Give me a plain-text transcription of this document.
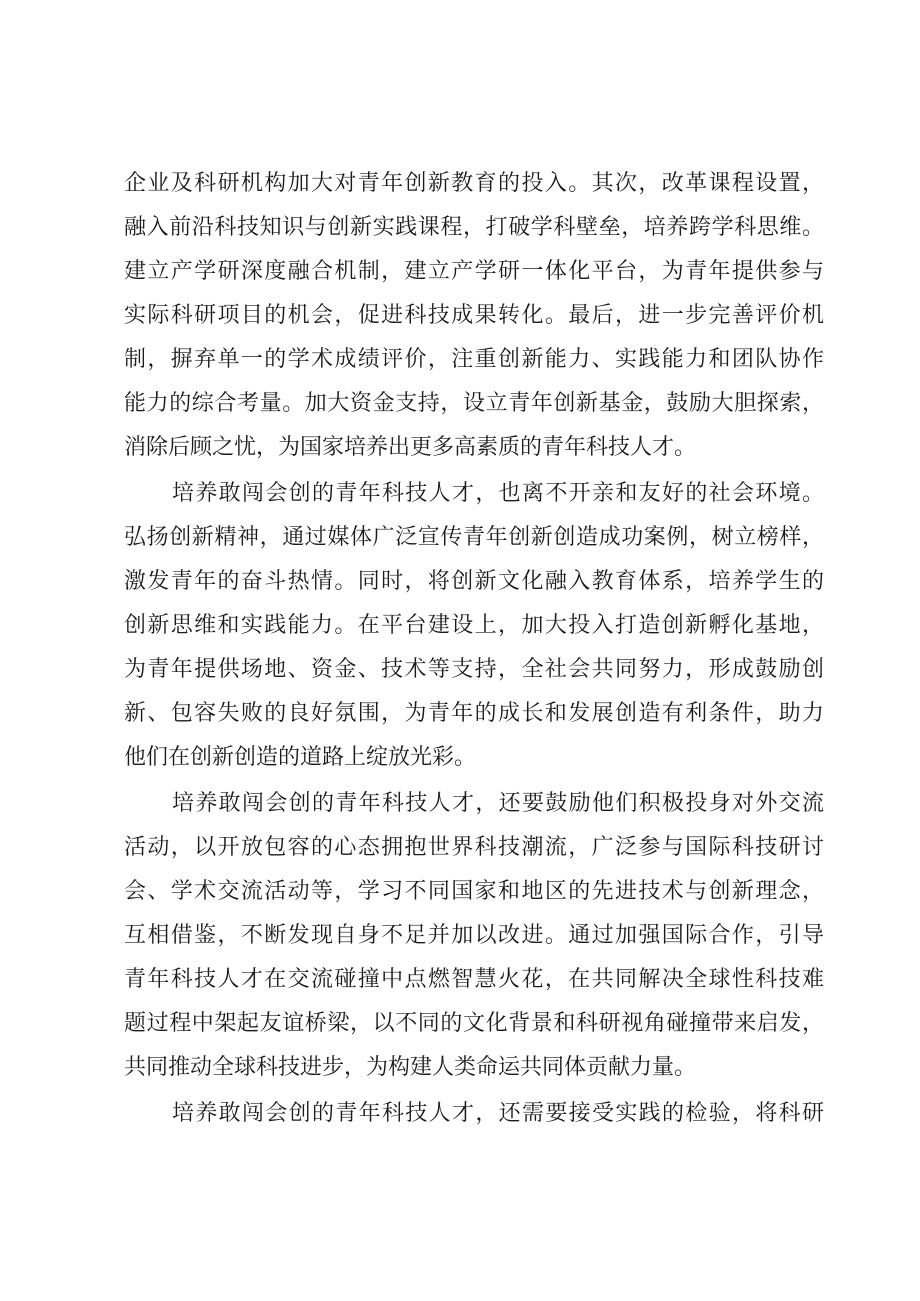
企业及科研机构加大对青年创新教育的投入。其次，改革课程设置，
融入前沿科技知识与创新实践课程，打破学科壁垒，培养跨学科思维。
建立产学研深度融合机制，建立产学研一体化平台，为青年提供参与
实际科研项目的机会，促进科技成果转化。最后，进一步完善评价机
制，摒弃单一的学术成绩评价，注重创新能力、实践能力和团队协作
能力的综合考量。加大资金支持，设立青年创新基金，鼓励大胆探索，
消除后顾之忧，为国家培养出更多高素质的青年科技人才。
培养敢闯会创的青年科技人才，也离不开亲和友好的社会环境。
弘扬创新精神，通过媒体广泛宣传青年创新创造成功案例，树立榜样，
激发青年的奋斗热情。同时，将创新文化融入教育体系，培养学生的
创新思维和实践能力。在平台建设上，加大投入打造创新孵化基地，
为青年提供场地、资金、技术等支持，全社会共同努力，形成鼓励创
新、包容失败的良好氛围，为青年的成长和发展创造有利条件，助力
他们在创新创造的道路上绽放光彩。
培养敢闯会创的青年科技人才，还要鼓励他们积极投身对外交流
活动，以开放包容的心态拥抱世界科技潮流，广泛参与国际科技研讨
会、学术交流活动等，学习不同国家和地区的先进技术与创新理念，
互相借鉴，不断发现自身不足并加以改进。通过加强国际合作，引导
青年科技人才在交流碰撞中点燃智慧火花，在共同解决全球性科技难
题过程中架起友谊桥梁，以不同的文化背景和科研视角碰撞带来启发，
共同推动全球科技进步，为构建人类命运共同体贡献力量。
培养敢闯会创的青年科技人才，还需要接受实践的检验，将科研
